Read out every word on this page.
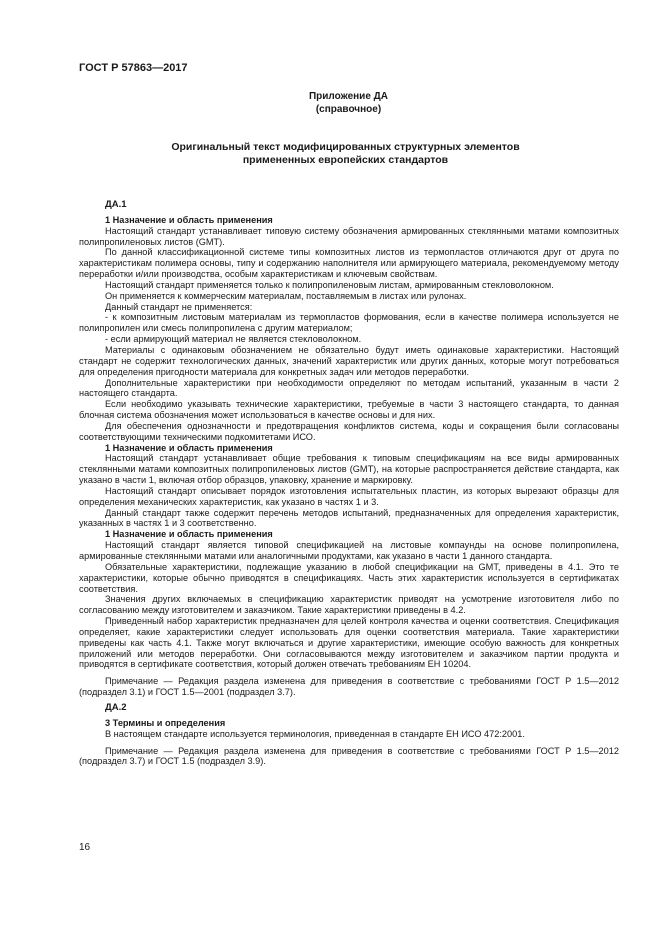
ГОСТ Р 57863—2017
Приложение ДА
(справочное)
Оригинальный текст модифицированных структурных элементов
примененных европейских стандартов
ДА.1

1 Назначение и область применения

Настоящий стандарт устанавливает типовую систему обозначения армированных стеклянными матами композитных полипропиленовых листов (GMT).

По данной классификационной системе типы композитных листов из термопластов отличаются друг от друга по характеристикам полимера основы, типу и содержанию наполнителя или армирующего материала, рекомендуемому методу переработки и/или производства, особым характеристикам и ключевым свойствам.

Настоящий стандарт применяется только к полипропиленовым листам, армированным стекловолокном.

Он применяется к коммерческим материалам, поставляемым в листах или рулонах.

Данный стандарт не применяется:

- к композитным листовым материалам из термопластов формования, если в качестве полимера используется не полипропилен или смесь полипропилена с другим материалом;

- если армирующий материал не является стекловолокном.

Материалы с одинаковым обозначением не обязательно будут иметь одинаковые характеристики. Настоящий стандарт не содержит технологических данных, значений характеристик или других данных, которые могут потребоваться для определения пригодности материала для конкретных задач или методов переработки.

Дополнительные характеристики при необходимости определяют по методам испытаний, указанным в части 2 настоящего стандарта.

Если необходимо указывать технические характеристики, требуемые в части 3 настоящего стандарта, то данная блочная система обозначения может использоваться в качестве основы и для них.

Для обеспечения однозначности и предотвращения конфликтов система, коды и сокращения были согласованы соответствующими техническими подкомитетами ИСО.

1 Назначение и область применения

Настоящий стандарт устанавливает общие требования к типовым спецификациям на все виды армированных стеклянными матами композитных полипропиленовых листов (GMT), на которые распространяется действие стандарта, как указано в части 1, включая отбор образцов, упаковку, хранение и маркировку.

Настоящий стандарт описывает порядок изготовления испытательных пластин, из которых вырезают образцы для определения механических характеристик, как указано в частях 1 и 3.

Данный стандарт также содержит перечень методов испытаний, предназначенных для определения характеристик, указанных в частях 1 и 3 соответственно.

1 Назначение и область применения

Настоящий стандарт является типовой спецификацией на листовые компаунды на основе полипропилена, армированные стеклянными матами или аналогичными продуктами, как указано в части 1 данного стандарта.

Обязательные характеристики, подлежащие указанию в любой спецификации на GMT, приведены в 4.1. Это те характеристики, которые обычно приводятся в спецификациях. Часть этих характеристик используется в сертификатах соответствия.

Значения других включаемых в спецификацию характеристик приводят на усмотрение изготовителя либо по согласованию между изготовителем и заказчиком. Такие характеристики приведены в 4.2.

Приведенный набор характеристик предназначен для целей контроля качества и оценки соответствия. Спецификация определяет, какие характеристики следует использовать для оценки соответствия материала. Такие характеристики приведены как часть 4.1. Также могут включаться и другие характеристики, имеющие особую важность для конкретных приложений или методов переработки. Они согласовываются между изготовителем и заказчиком партии продукта и приводятся в сертификате соответствия, который должен отвечать требованиям ЕН 10204.

Примечание — Редакция раздела изменена для приведения в соответствие с требованиями ГОСТ Р 1.5—2012 (подраздел 3.1) и ГОСТ 1.5—2001 (подраздел 3.7).

ДА.2

3 Термины и определения

В настоящем стандарте используется терминология, приведенная в стандарте ЕН ИСО 472:2001.

Примечание — Редакция раздела изменена для приведения в соответствие с требованиями ГОСТ Р 1.5—2012 (подраздел 3.7) и ГОСТ 1.5 (подраздел 3.9).

16
